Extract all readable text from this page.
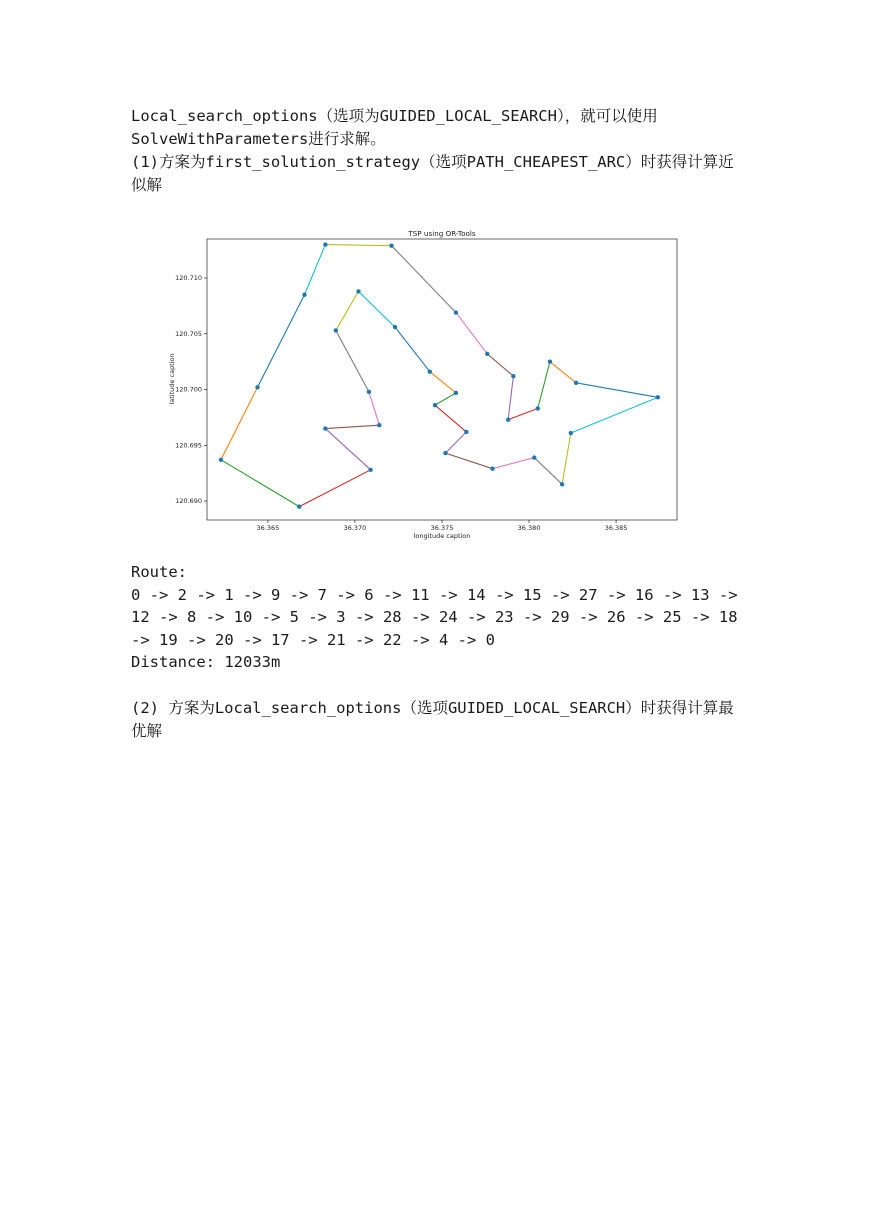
Local_search_options（选项为GUIDED_LOCAL_SEARCH），就可以使用SolveWithParameters进行求解。
(1)方案为first_solution_strategy（选项PATH_CHEAPEST_ARC）时获得计算近似解
TSP using OR-Tools
longitude caption
latitude caption
36.365	36.370	36.375	36.380	36.385
120.690
120.695
120.700
120.705
120.710
Route:
0 -> 2 -> 1 -> 9 -> 7 -> 6 -> 11 -> 14 -> 15 -> 27 -> 16 -> 13 -> 12 -> 8 -> 10 -> 5 -> 3 -> 28 -> 24 -> 23 -> 29 -> 26 -> 25 -> 18 -> 19 -> 20 -> 17 -> 21 -> 22 -> 4 -> 0
Distance: 12033m
(2) 方案为Local_search_options（选项GUIDED_LOCAL_SEARCH）时获得计算最优解
